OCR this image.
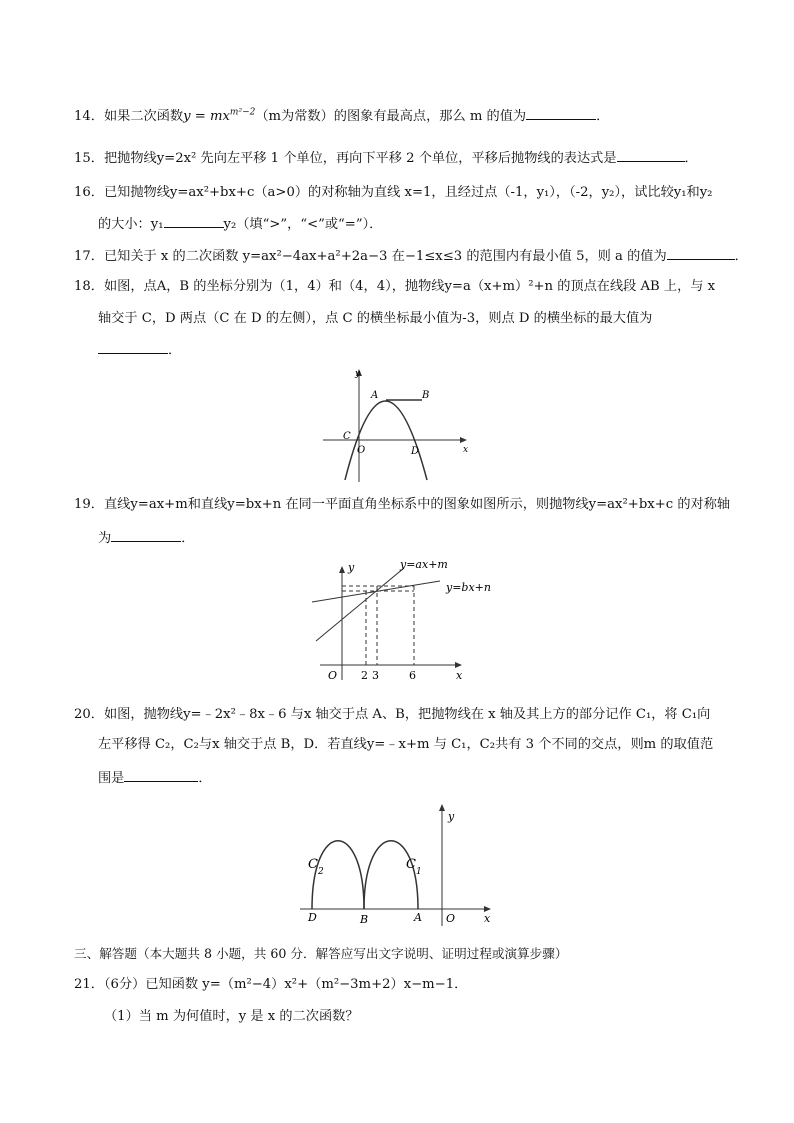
14．如果二次函数$y = mx^{m^2-2}(m$为常数）的图象有最高点，那么 m 的值为	．
15．把抛物线y=2x² 先向左平移 1 个单位，再向下平移 2 个单位，平移后抛物线的表达式是	．
16．已知抛物线y=ax²+bx+c（a>0）的对称轴为直线 x=1，且经过点（-1，y₁），（-2，y₂），试比较y₁和y₂
的大小：y₁	y₂（填“>”，“<”或“=”）．
17．已知关于 x 的二次函数 y=ax²−4ax+a²+2a−3 在−1≤x≤3 的范围内有最小值 5，则 a 的值为	．
18．如图，点A，B 的坐标分别为（1，4）和（4，4），抛物线y=a（x+m）²+n 的顶点在线段 AB 上，与 x
轴交于 C，D 两点（C 在 D 的左侧），点 C 的横坐标最小值为-3，则点 D 的横坐标的最大值为
．
y
x
A	B
C
O	D
19．直线y=ax+m和直线y=bx+n 在同一平面直角坐标系中的图象如图所示，则抛物线y=ax²+bx+c 的对称轴
为	．
y
x
O
y=ax+m
y=bx+n
2 3	6
20．如图，抛物线y=﹣2x²﹣8x﹣6 与x 轴交于点 A、B，把抛物线在 x 轴及其上方的部分记作 C₁，将 C₁向
左平移得 C₂，C₂与x 轴交于点 B，D．若直线y=﹣x+m 与 C₁，C₂共有 3 个不同的交点，则m 的取值范
围是	．
y
x
C 2	C 1
D	B	A O
三、解答题（本大题共 8 小题，共 60 分．解答应写出文字说明、证明过程或演算步骤）
21．（6分）已知函数 y=（m²−4）x²+（m²−3m+2）x−m−1．
（1）当 m 为何值时，y 是 x 的二次函数？
